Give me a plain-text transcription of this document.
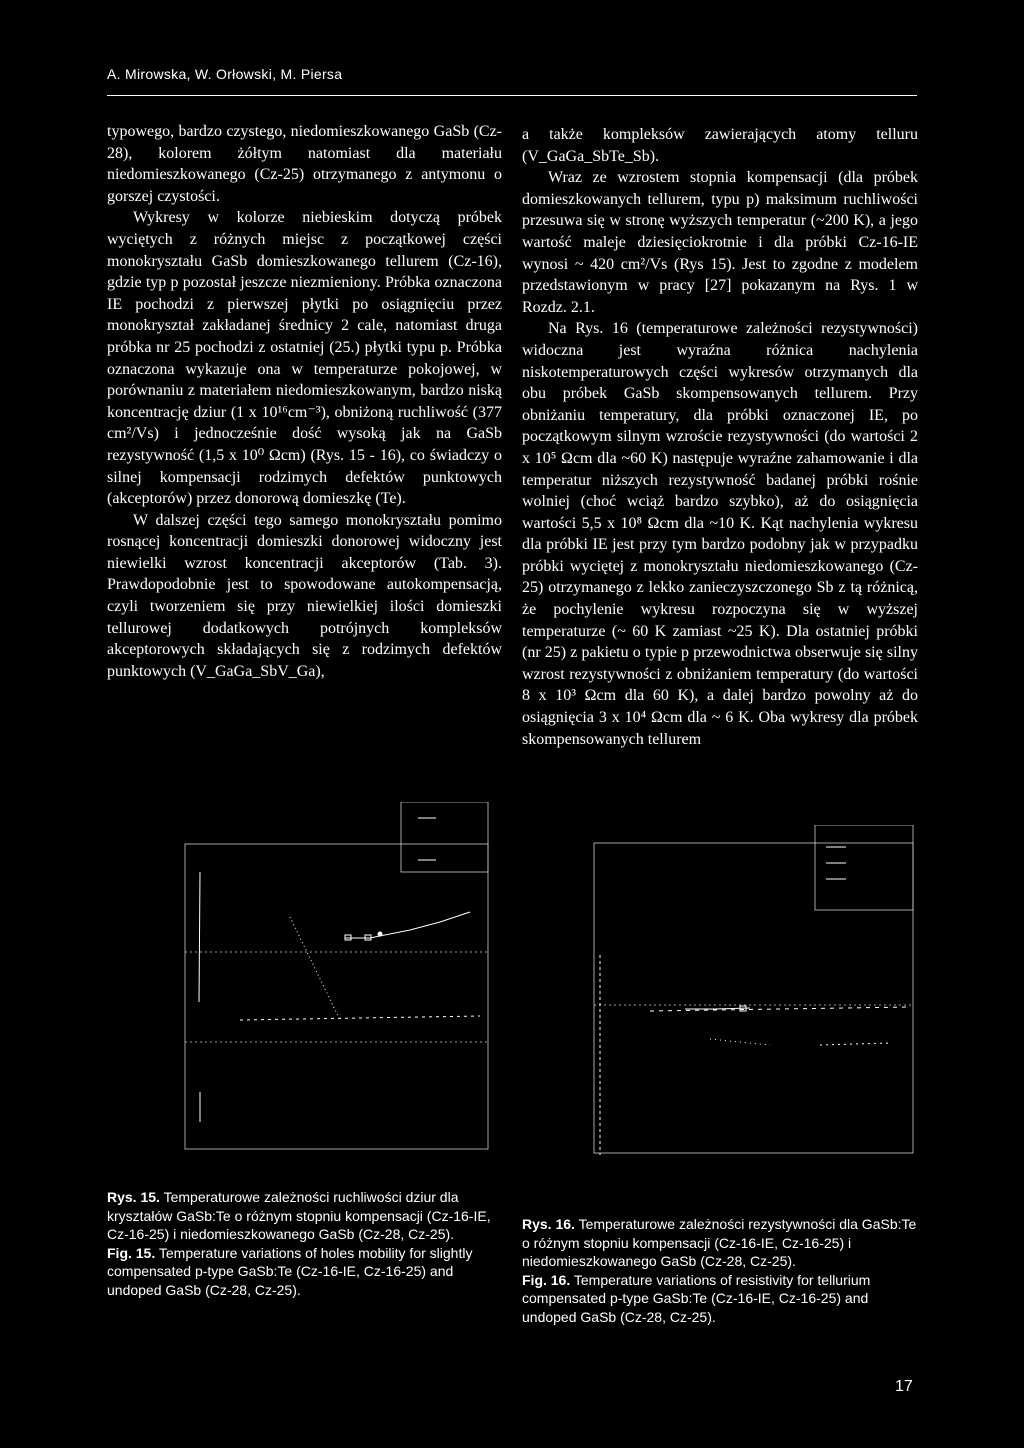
A. Mirowska, W. Orłowski, M. Piersa

typowego, bardzo czystego, niedomieszkowanego GaSb (Cz-28), kolorem żółtym natomiast dla materiału niedomieszkowanego (Cz-25) otrzymanego z antymonu o gorszej czystości.

Wykresy w kolorze niebieskim dotyczą próbek wyciętych z różnych miejsc z początkowej części monokryształu GaSb domieszkowanego tellurem (Cz-16), gdzie typ p pozostał jeszcze niezmieniony. Próbka oznaczona IE pochodzi z pierwszej płytki po osiągnięciu przez monokryształ zakładanej średnicy 2 cale, natomiast druga próbka nr 25 pochodzi z ostatniej (25.) płytki typu p. Próbka oznaczona wykazuje ona w temperaturze pokojowej, w porównaniu z materiałem niedomieszkowanym, bardzo niską koncentrację dziur (1 x 10¹⁶cm⁻³), obniżoną ruchliwość (377 cm²/Vs) i jednocześnie dość wysoką jak na GaSb rezystywność (1,5 x 10⁰ Ωcm) (Rys. 15 - 16), co świadczy o silnej kompensacji rodzimych defektów punktowych (akceptorów) przez donorową domieszkę (Te).

W dalszej części tego samego monokryształu pomimo rosnącej koncentracji domieszki donorowej widoczny jest niewielki wzrost koncentracji akceptorów (Tab. 3). Prawdopodobnie jest to spowodowane autokompensacją, czyli tworzeniem się przy niewielkiej ilości domieszki tellurowej dodatkowych potrójnych kompleksów akceptorowych składających się z rodzimych defektów punktowych (V_GaGa_SbV_Ga),

a także kompleksów zawierających atomy telluru (V_GaGa_SbTe_Sb).

Wraz ze wzrostem stopnia kompensacji (dla próbek domieszkowanych tellurem, typu p) maksimum ruchliwości przesuwa się w stronę wyższych temperatur (~200 K), a jego wartość maleje dziesięciokrotnie i dla próbki Cz-16-IE wynosi ~ 420 cm²/Vs (Rys 15). Jest to zgodne z modelem przedstawionym w pracy [27] pokazanym na Rys. 1 w Rozdz. 2.1.

Na Rys. 16 (temperaturowe zależności rezystywności) widoczna jest wyraźna różnica nachylenia niskotemperaturowych części wykresów otrzymanych dla obu próbek GaSb skompensowanych tellurem. Przy obniżaniu temperatury, dla próbki oznaczonej IE, po początkowym silnym wzroście rezystywności (do wartości 2 x 10⁵ Ωcm dla ~60 K) następuje wyraźne zahamowanie i dla temperatur niższych rezystywność badanej próbki rośnie wolniej (choć wciąż bardzo szybko), aż do osiągnięcia wartości 5,5 x 10⁸ Ωcm dla ~10 K. Kąt nachylenia wykresu dla próbki IE jest przy tym bardzo podobny jak w przypadku próbki wyciętej z monokryształu niedomieszkowanego (Cz-25) otrzymanego z lekko zanieczyszczonego Sb z tą różnicą, że pochylenie wykresu rozpoczyna się w wyższej temperaturze (~ 60 K zamiast ~25 K). Dla ostatniej próbki (nr 25) z pakietu o typie p przewodnictwa obserwuje się silny wzrost rezystywności z obniżaniem temperatury (do wartości 8 x 10³ Ωcm dla 60 K), a dalej bardzo powolny aż do osiągnięcia 3 x 10⁴ Ωcm dla ~ 6 K. Oba wykresy dla próbek skompensowanych tellurem

Rys. 15. Temperaturowe zależności ruchliwości dziur dla kryształów GaSb:Te o różnym stopniu kompensacji (Cz-16-IE, Cz-16-25) i niedomieszkowanego GaSb (Cz-28, Cz-25).
Fig. 15. Temperature variations of holes mobility for slightly compensated p-type GaSb:Te (Cz-16-IE, Cz-16-25) and undoped GaSb (Cz-28, Cz-25).
Rys. 16. Temperaturowe zależności rezystywności dla GaSb:Te o różnym stopniu kompensacji (Cz-16-IE, Cz-16-25) i niedomieszkowanego GaSb (Cz-28, Cz-25).
Fig. 16. Temperature variations of resistivity for tellurium compensated p-type GaSb:Te (Cz-16-IE, Cz-16-25) and undoped GaSb (Cz-28, Cz-25).
17
